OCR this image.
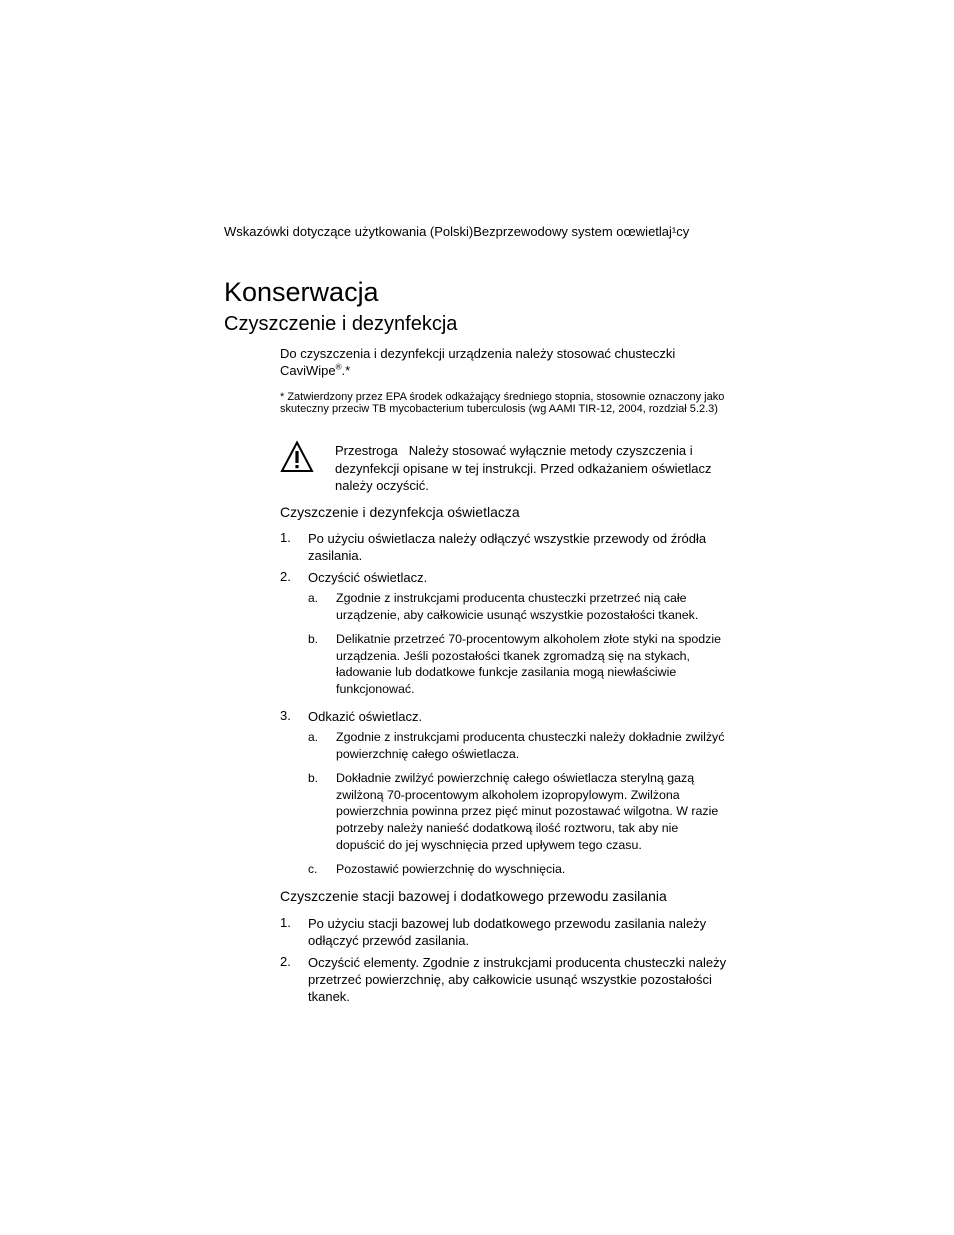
Wskazówki dotyczące użytkowania (Polski)Bezprzewodowy system oœwietlaj¹cy
Konserwacja
Czyszczenie i dezynfekcja
Do czyszczenia i dezynfekcji urządzenia należy stosować chusteczki
CaviWipe®.*

* Zatwierdzony przez EPA środek odkażający średniego stopnia, stosownie oznaczony jako skuteczny przeciw TB mycobacterium tuberculosis (wg AAMI TIR-12, 2004, rozdział 5.2.3)

Przestroga Należy stosować wyłącznie metody czyszczenia i dezynfekcji opisane w tej instrukcji. Przed odkażaniem oświetlacz należy oczyścić.

Czyszczenie i dezynfekcja oświetlacza
1. Po użyciu oświetlacza należy odłączyć wszystkie przewody od źródła zasilania.
2. Oczyścić oświetlacz.
a. Zgodnie z instrukcjami producenta chusteczki przetrzeć nią całe urządzenie, aby całkowicie usunąć wszystkie pozostałości tkanek.
b. Delikatnie przetrzeć 70-procentowym alkoholem złote styki na spodzie urządzenia. Jeśli pozostałości tkanek zgromadzą się na stykach, ładowanie lub dodatkowe funkcje zasilania mogą niewłaściwie funkcjonować.
3. Odkazić oświetlacz.
a. Zgodnie z instrukcjami producenta chusteczki należy dokładnie zwilżyć powierzchnię całego oświetlacza.
b. Dokładnie zwilżyć powierzchnię całego oświetlacza sterylną gazą zwilżoną 70-procentowym alkoholem izopropylowym. Zwilżona powierzchnia powinna przez pięć minut pozostawać wilgotna. W razie potrzeby należy nanieść dodatkową ilość roztworu, tak aby nie dopuścić do jej wyschnięcia przed upływem tego czasu.
c. Pozostawić powierzchnię do wyschnięcia.
Czyszczenie stacji bazowej i dodatkowego przewodu zasilania
1. Po użyciu stacji bazowej lub dodatkowego przewodu zasilania należy odłączyć przewód zasilania.
2. Oczyścić elementy. Zgodnie z instrukcjami producenta chusteczki należy przetrzeć powierzchnię, aby całkowicie usunąć wszystkie pozostałości tkanek.
